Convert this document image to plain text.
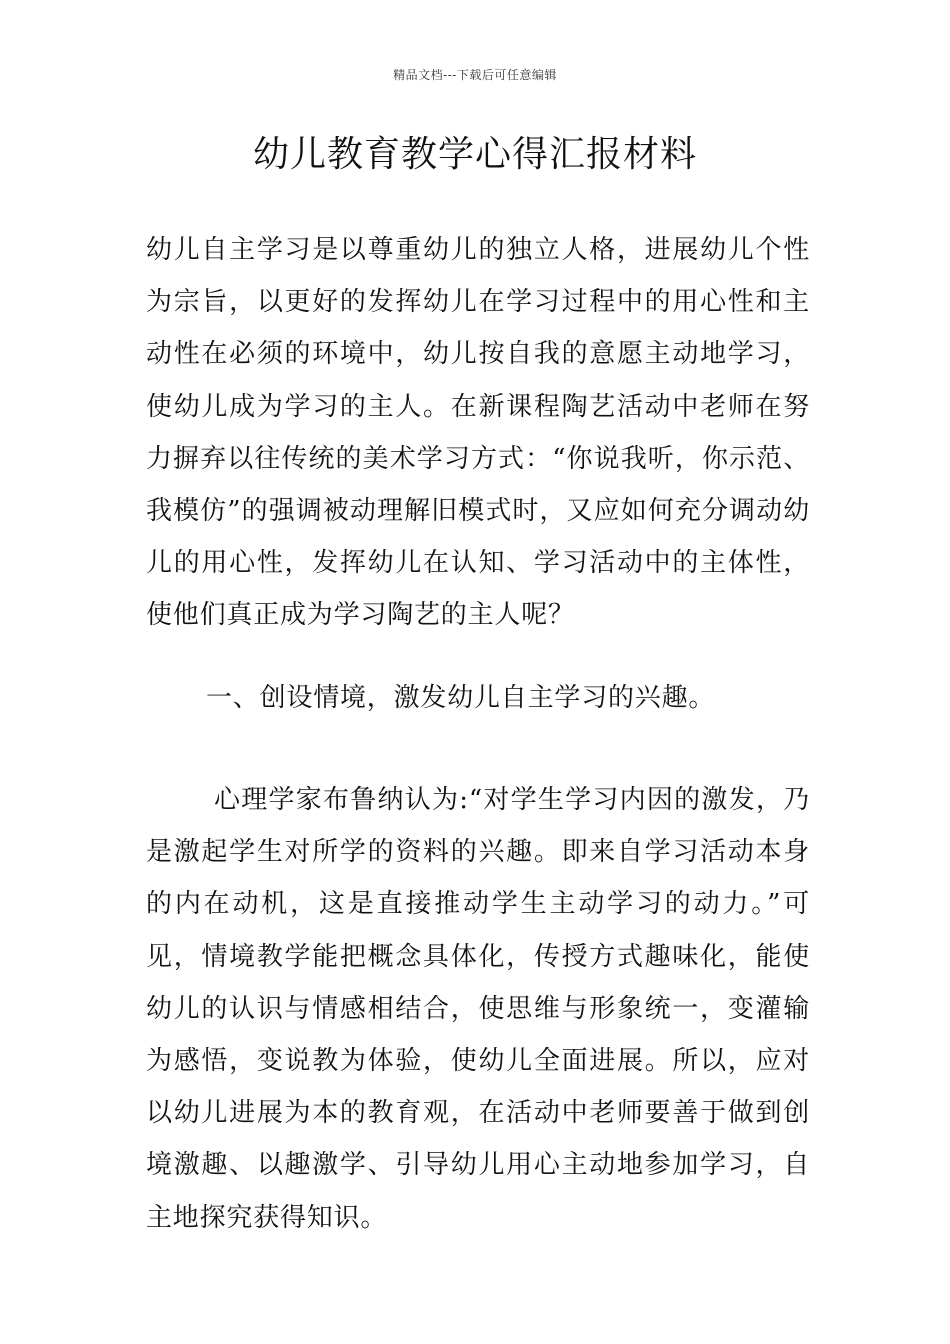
精品文档---下载后可任意编辑
幼儿教育教学心得汇报材料

幼儿自主学习是以尊重幼儿的独立人格，进展幼儿个性为宗旨，以更好的发挥幼儿在学习过程中的用心性和主动性在必须的环境中，幼儿按自我的意愿主动地学习，使幼儿成为学习的主人。在新课程陶艺活动中老师在努力摒弃以往传统的美术学习方式：“你说我听，你示范、我模仿”的强调被动理解旧模式时，又应如何充分调动幼儿的用心性，发挥幼儿在认知、学习活动中的主体性，使他们真正成为学习陶艺的主人呢？

一、创设情境，激发幼儿自主学习的兴趣。

心理学家布鲁纳认为:“对学生学习内因的激发，乃是激起学生对所学的资料的兴趣。即来自学习活动本身的内在动机，这是直接推动学生主动学习的动力。”可见，情境教学能把概念具体化，传授方式趣味化，能使幼儿的认识与情感相结合，使思维与形象统一，变灌输为感悟，变说教为体验，使幼儿全面进展。所以，应对以幼儿进展为本的教育观，在活动中老师要善于做到创境激趣、以趣激学、引导幼儿用心主动地参加学习，自主地探究获得知识。
